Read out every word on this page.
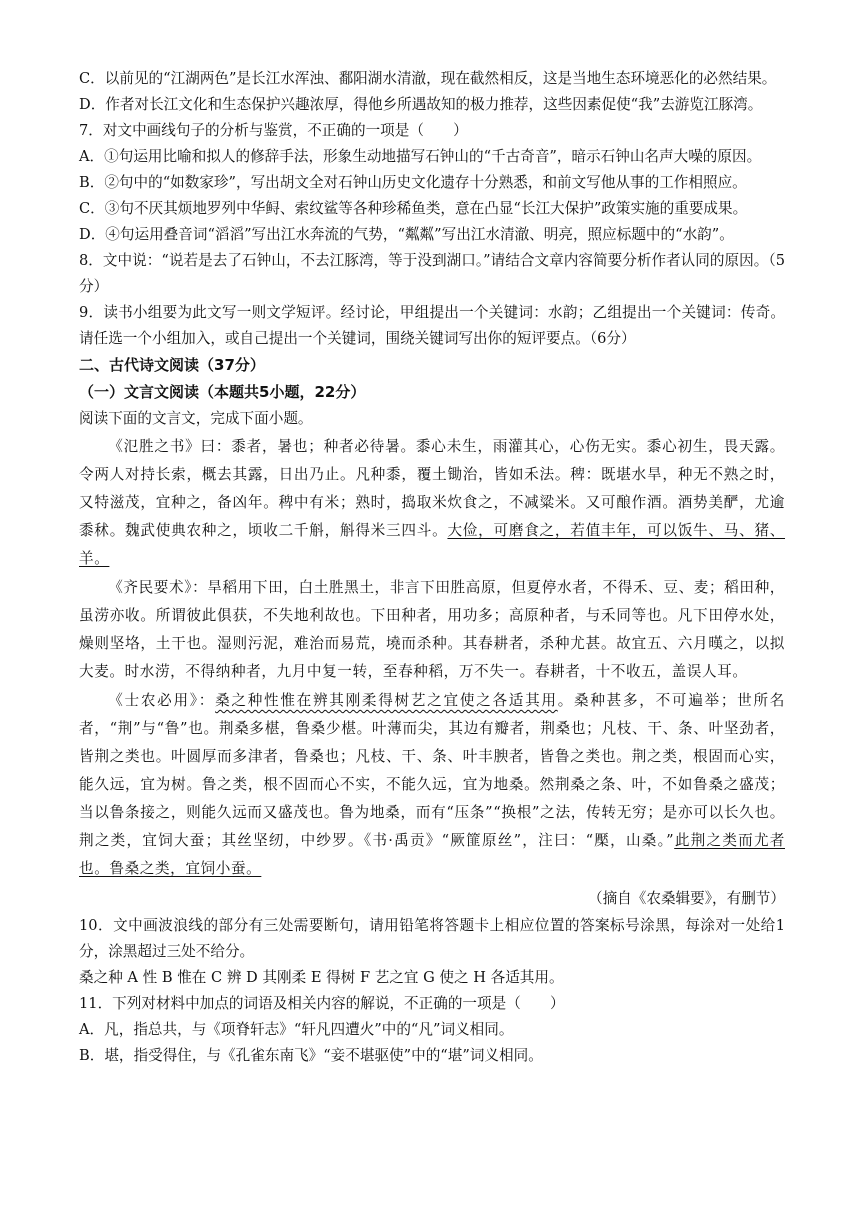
C．以前见的“江湖两色”是长江水浑浊、鄱阳湖水清澈，现在截然相反，这是当地生态环境恶化的必然结果。

D．作者对长江文化和生态保护兴趣浓厚，得他乡所遇故知的极力推荐，这些因素促使“我”去游览江豚湾。

7．对文中画线句子的分析与鉴赏，不正确的一项是（　　）

A．①句运用比喻和拟人的修辞手法，形象生动地描写石钟山的“千古奇音”，暗示石钟山名声大噪的原因。

B．②句中的“如数家珍”，写出胡文全对石钟山历史文化遗存十分熟悉，和前文写他从事的工作相照应。

C．③句不厌其烦地罗列中华鲟、索纹鲨等各种珍稀鱼类，意在凸显“长江大保护”政策实施的重要成果。

D．④句运用叠音词“滔滔”写出江水奔流的气势，“粼粼”写出江水清澈、明亮，照应标题中的“水韵”。

8．文中说：“说若是去了石钟山，不去江豚湾，等于没到湖口。”请结合文章内容简要分析作者认同的原因。（5分）

9．读书小组要为此文写一则文学短评。经讨论，甲组提出一个关键词：水韵；乙组提出一个关键词：传奇。请任选一个小组加入，或自己提出一个关键词，围绕关键词写出你的短评要点。（6分）

二、古代诗文阅读（37分）

（一）文言文阅读（本题共5小题，22分）

阅读下面的文言文，完成下面小题。

《氾胜之书》曰：黍者，暑也；种者必待暑。黍心未生，雨灌其心，心伤无实。黍心初生，畏天露。令两人对持长索，概去其露，日出乃止。凡种黍，覆土锄治，皆如禾法。稗：既堪水旱，种无不熟之时，又特滋茂，宜种之，备凶年。稗中有米；熟时，捣取米炊食之，不减粱米。又可酿作酒。酒势美酽，尤逾黍秫。魏武使典农种之，顷收二千斛，斛得米三四斗。大俭，可磨食之，若值丰年，可以饭牛、马、猪、羊。

《齐民要术》：旱稻用下田，白土胜黑土，非言下田胜高原，但夏停水者，不得禾、豆、麦；稻田种，虽涝亦收。所谓彼此俱获，不失地利故也。下田种者，用功多；高原种者，与禾同等也。凡下田停水处，燥则坚垎，土干也。湿则污泥，难治而易荒，墝而杀种。其春耕者，杀种尤甚。故宜五、六月暵之，以拟大麦。时水涝，不得纳种者，九月中复一转，至春种稻，万不失一。春耕者，十不收五，盖误人耳。

《士农必用》：桑之种性惟在辨其刚柔得树艺之宜使之各适其用。桑种甚多，不可遍举；世所名者，“荆”与“鲁”也。荆桑多椹，鲁桑少椹。叶薄而尖，其边有瓣者，荆桑也；凡枝、干、条、叶坚劲者，皆荆之类也。叶圆厚而多津者，鲁桑也；凡枝、干、条、叶丰腴者，皆鲁之类也。荆之类，根固而心实，能久远，宜为树。鲁之类，根不固而心不实，不能久远，宜为地桑。然荆桑之条、叶，不如鲁桑之盛茂；当以鲁条接之，则能久远而又盛茂也。鲁为地桑，而有“压条”“换根”之法，传转无穷；是亦可以长久也。荆之类，宜饲大蚕；其丝坚纫，中纱罗。《书·禹贡》“厥篚原丝”，注曰：“檿，山桑。”此荆之类而尤者也。鲁桑之类，宜饲小蚕。

（摘自《农桑辑要》，有删节）

10．文中画波浪线的部分有三处需要断句，请用铅笔将答题卡上相应位置的答案标号涂黑，每涂对一处给1分，涂黑超过三处不给分。

桑之种 A 性 B 惟在 C 辨 D 其刚柔 E 得树 F 艺之宜 G 使之 H 各适其用。

11．下列对材料中加点的词语及相关内容的解说，不正确的一项是（　　）

A．凡，指总共，与《项脊轩志》“轩凡四遭火”中的“凡”词义相同。

B．堪，指受得住，与《孔雀东南飞》“妾不堪驱使”中的“堪”词义相同。
